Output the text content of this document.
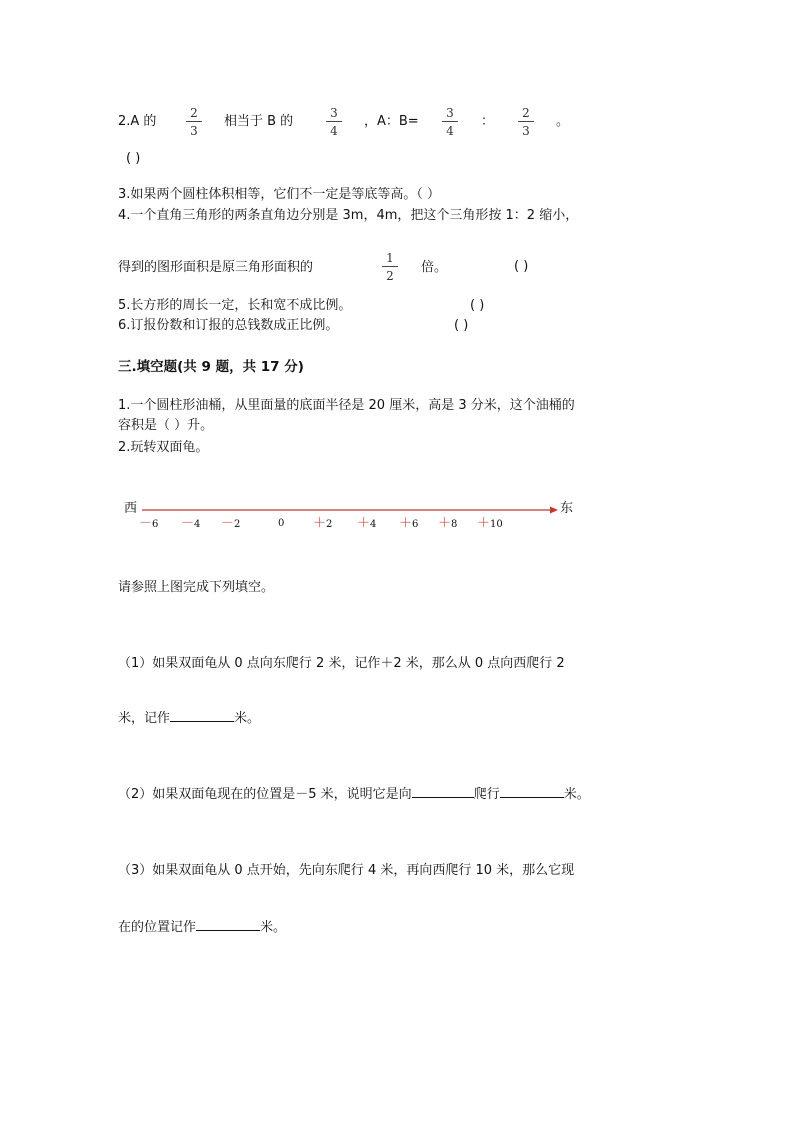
2.A 的
2
3
相当于 B 的
3
4
，A：B=
3
4
：
2
3
。
( )
3.如果两个圆柱体积相等，它们不一定是等底等高。（ ）
4.一个直角三角形的两条直角边分别是 3m，4m，把这个三角形按 1：2 缩小，
得到的图形面积是原三角形面积的
1
2
倍。	( )
5.长方形的周长一定，长和宽不成比例。	( )
6.订报份数和订报的总钱数成正比例。	( )
三.填空题(共 9 题，共 17 分)
1.一个圆柱形油桶，从里面量的底面半径是 20 厘米，高是 3 分米，这个油桶的
容积是（ ）升。
2.玩转双面龟。
西	东
－6 －4 －2	0 ＋2 ＋4 ＋6 ＋8 ＋10
请参照上图完成下列填空。
（1）如果双面龟从 0 点向东爬行 2 米，记作＋2 米，那么从 0 点向西爬行 2
米，记作	米。
（2）如果双面龟现在的位置是－5 米，说明它是向	爬行	米。
（3）如果双面龟从 0 点开始，先向东爬行 4 米，再向西爬行 10 米，那么它现
在的位置记作	米。
